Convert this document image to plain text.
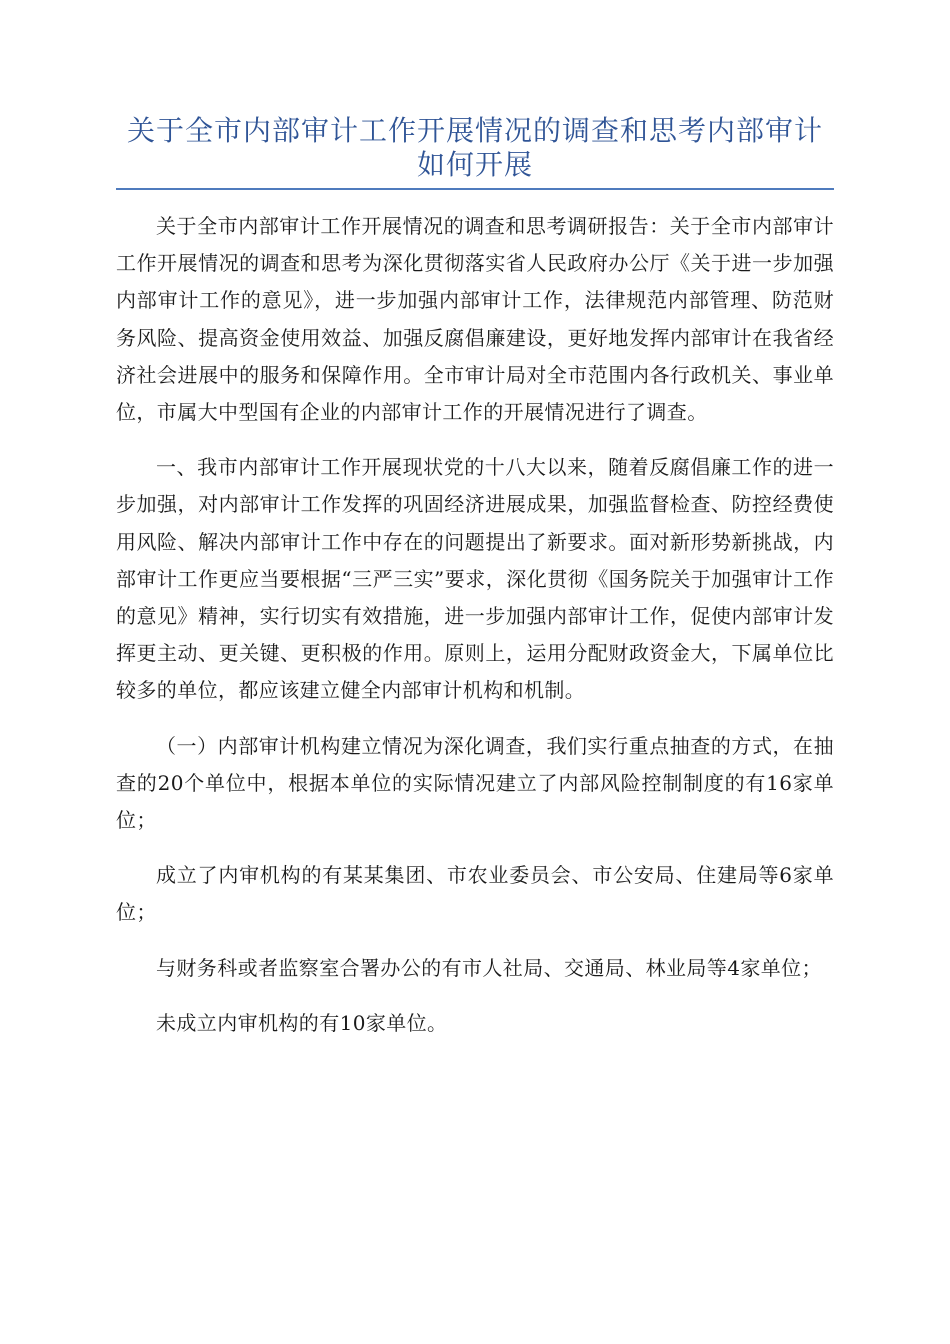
关于全市内部审计工作开展情况的调查和思考内部审计如何开展

关于全市内部审计工作开展情况的调查和思考调研报告：关于全市内部审计工作开展情况的调查和思考为深化贯彻落实省人民政府办公厅《关于进一步加强内部审计工作的意见》，进一步加强内部审计工作，法律规范内部管理、防范财务风险、提高资金使用效益、加强反腐倡廉建设，更好地发挥内部审计在我省经济社会进展中的服务和保障作用。全市审计局对全市范围内各行政机关、事业单位，市属大中型国有企业的内部审计工作的开展情况进行了调查。

一、我市内部审计工作开展现状党的十八大以来，随着反腐倡廉工作的进一步加强，对内部审计工作发挥的巩固经济进展成果，加强监督检查、防控经费使用风险、解决内部审计工作中存在的问题提出了新要求。面对新形势新挑战，内部审计工作更应当要根据“三严三实”要求，深化贯彻《国务院关于加强审计工作的意见》精神，实行切实有效措施，进一步加强内部审计工作，促使内部审计发挥更主动、更关键、更积极的作用。原则上，运用分配财政资金大，下属单位比较多的单位，都应该建立健全内部审计机构和机制。

（一）内部审计机构建立情况为深化调查，我们实行重点抽查的方式，在抽查的20个单位中，根据本单位的实际情况建立了内部风险控制制度的有16家单位；

成立了内审机构的有某某集团、市农业委员会、市公安局、住建局等6家单位；

与财务科或者监察室合署办公的有市人社局、交通局、林业局等4家单位；

未成立内审机构的有10家单位。
